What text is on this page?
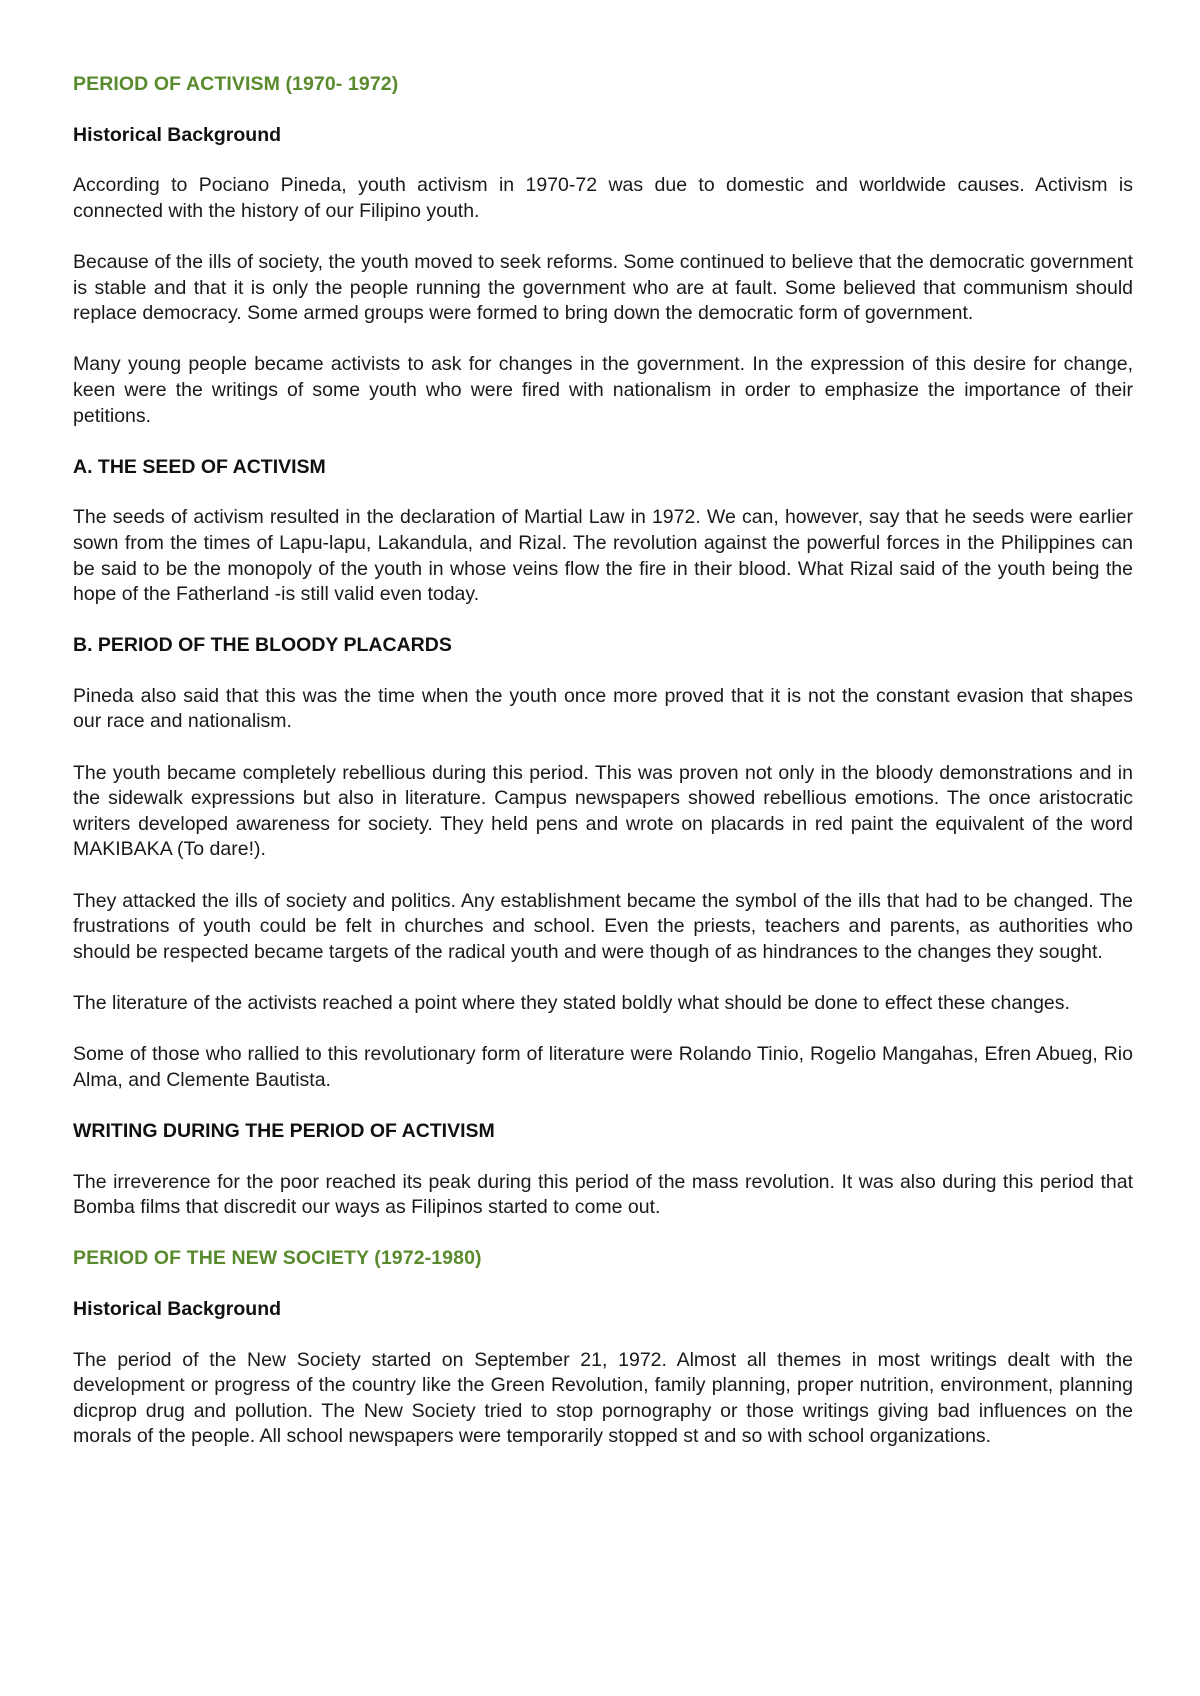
PERIOD OF ACTIVISM (1970- 1972)
Historical Background

According to Pociano Pineda, youth activism in 1970-72 was due to domestic and worldwide causes. Activism is connected with the history of our Filipino youth.

Because of the ills of society, the youth moved to seek reforms. Some continued to believe that the democratic government is stable and that it is only the people running the government who are at fault. Some believed that communism should replace democracy. Some armed groups were formed to bring down the democratic form of government.

Many young people became activists to ask for changes in the government. In the expression of this desire for change, keen were the writings of some youth who were fired with nationalism in order to emphasize the importance of their petitions.

A. THE SEED OF ACTIVISM

The seeds of activism resulted in the declaration of Martial Law in 1972. We can, however, say that he seeds were earlier sown from the times of Lapu-lapu, Lakandula, and Rizal. The revolution against the powerful forces in the Philippines can be said to be the monopoly of the youth in whose veins flow the fire in their blood. What Rizal said of the youth being the hope of the Fatherland -is still valid even today.

B. PERIOD OF THE BLOODY PLACARDS

Pineda also said that this was the time when the youth once more proved that it is not the constant evasion that shapes our race and nationalism.

The youth became completely rebellious during this period. This was proven not only in the bloody demonstrations and in the sidewalk expressions but also in literature. Campus newspapers showed rebellious emotions. The once aristocratic writers developed awareness for society. They held pens and wrote on placards in red paint the equivalent of the word MAKIBAKA (To dare!).

They attacked the ills of society and politics. Any establishment became the symbol of the ills that had to be changed. The frustrations of youth could be felt in churches and school. Even the priests, teachers and parents, as authorities who should be respected became targets of the radical youth and were though of as hindrances to the changes they sought.

The literature of the activists reached a point where they stated boldly what should be done to effect these changes.

Some of those who rallied to this revolutionary form of literature were Rolando Tinio, Rogelio Mangahas, Efren Abueg, Rio Alma, and Clemente Bautista.

WRITING DURING THE PERIOD OF ACTIVISM

The irreverence for the poor reached its peak during this period of the mass revolution. It was also during this period that Bomba films that discredit our ways as Filipinos started to come out.

PERIOD OF THE NEW SOCIETY (1972-1980)
Historical Background

The period of the New Society started on September 21, 1972. Almost all themes in most writings dealt with the development or progress of the country like the Green Revolution, family planning, proper nutrition, environment, planning dicprop drug and pollution. The New Society tried to stop pornography or those writings giving bad influences on the morals of the people. All school newspapers were temporarily stopped st and so with school organizations.
